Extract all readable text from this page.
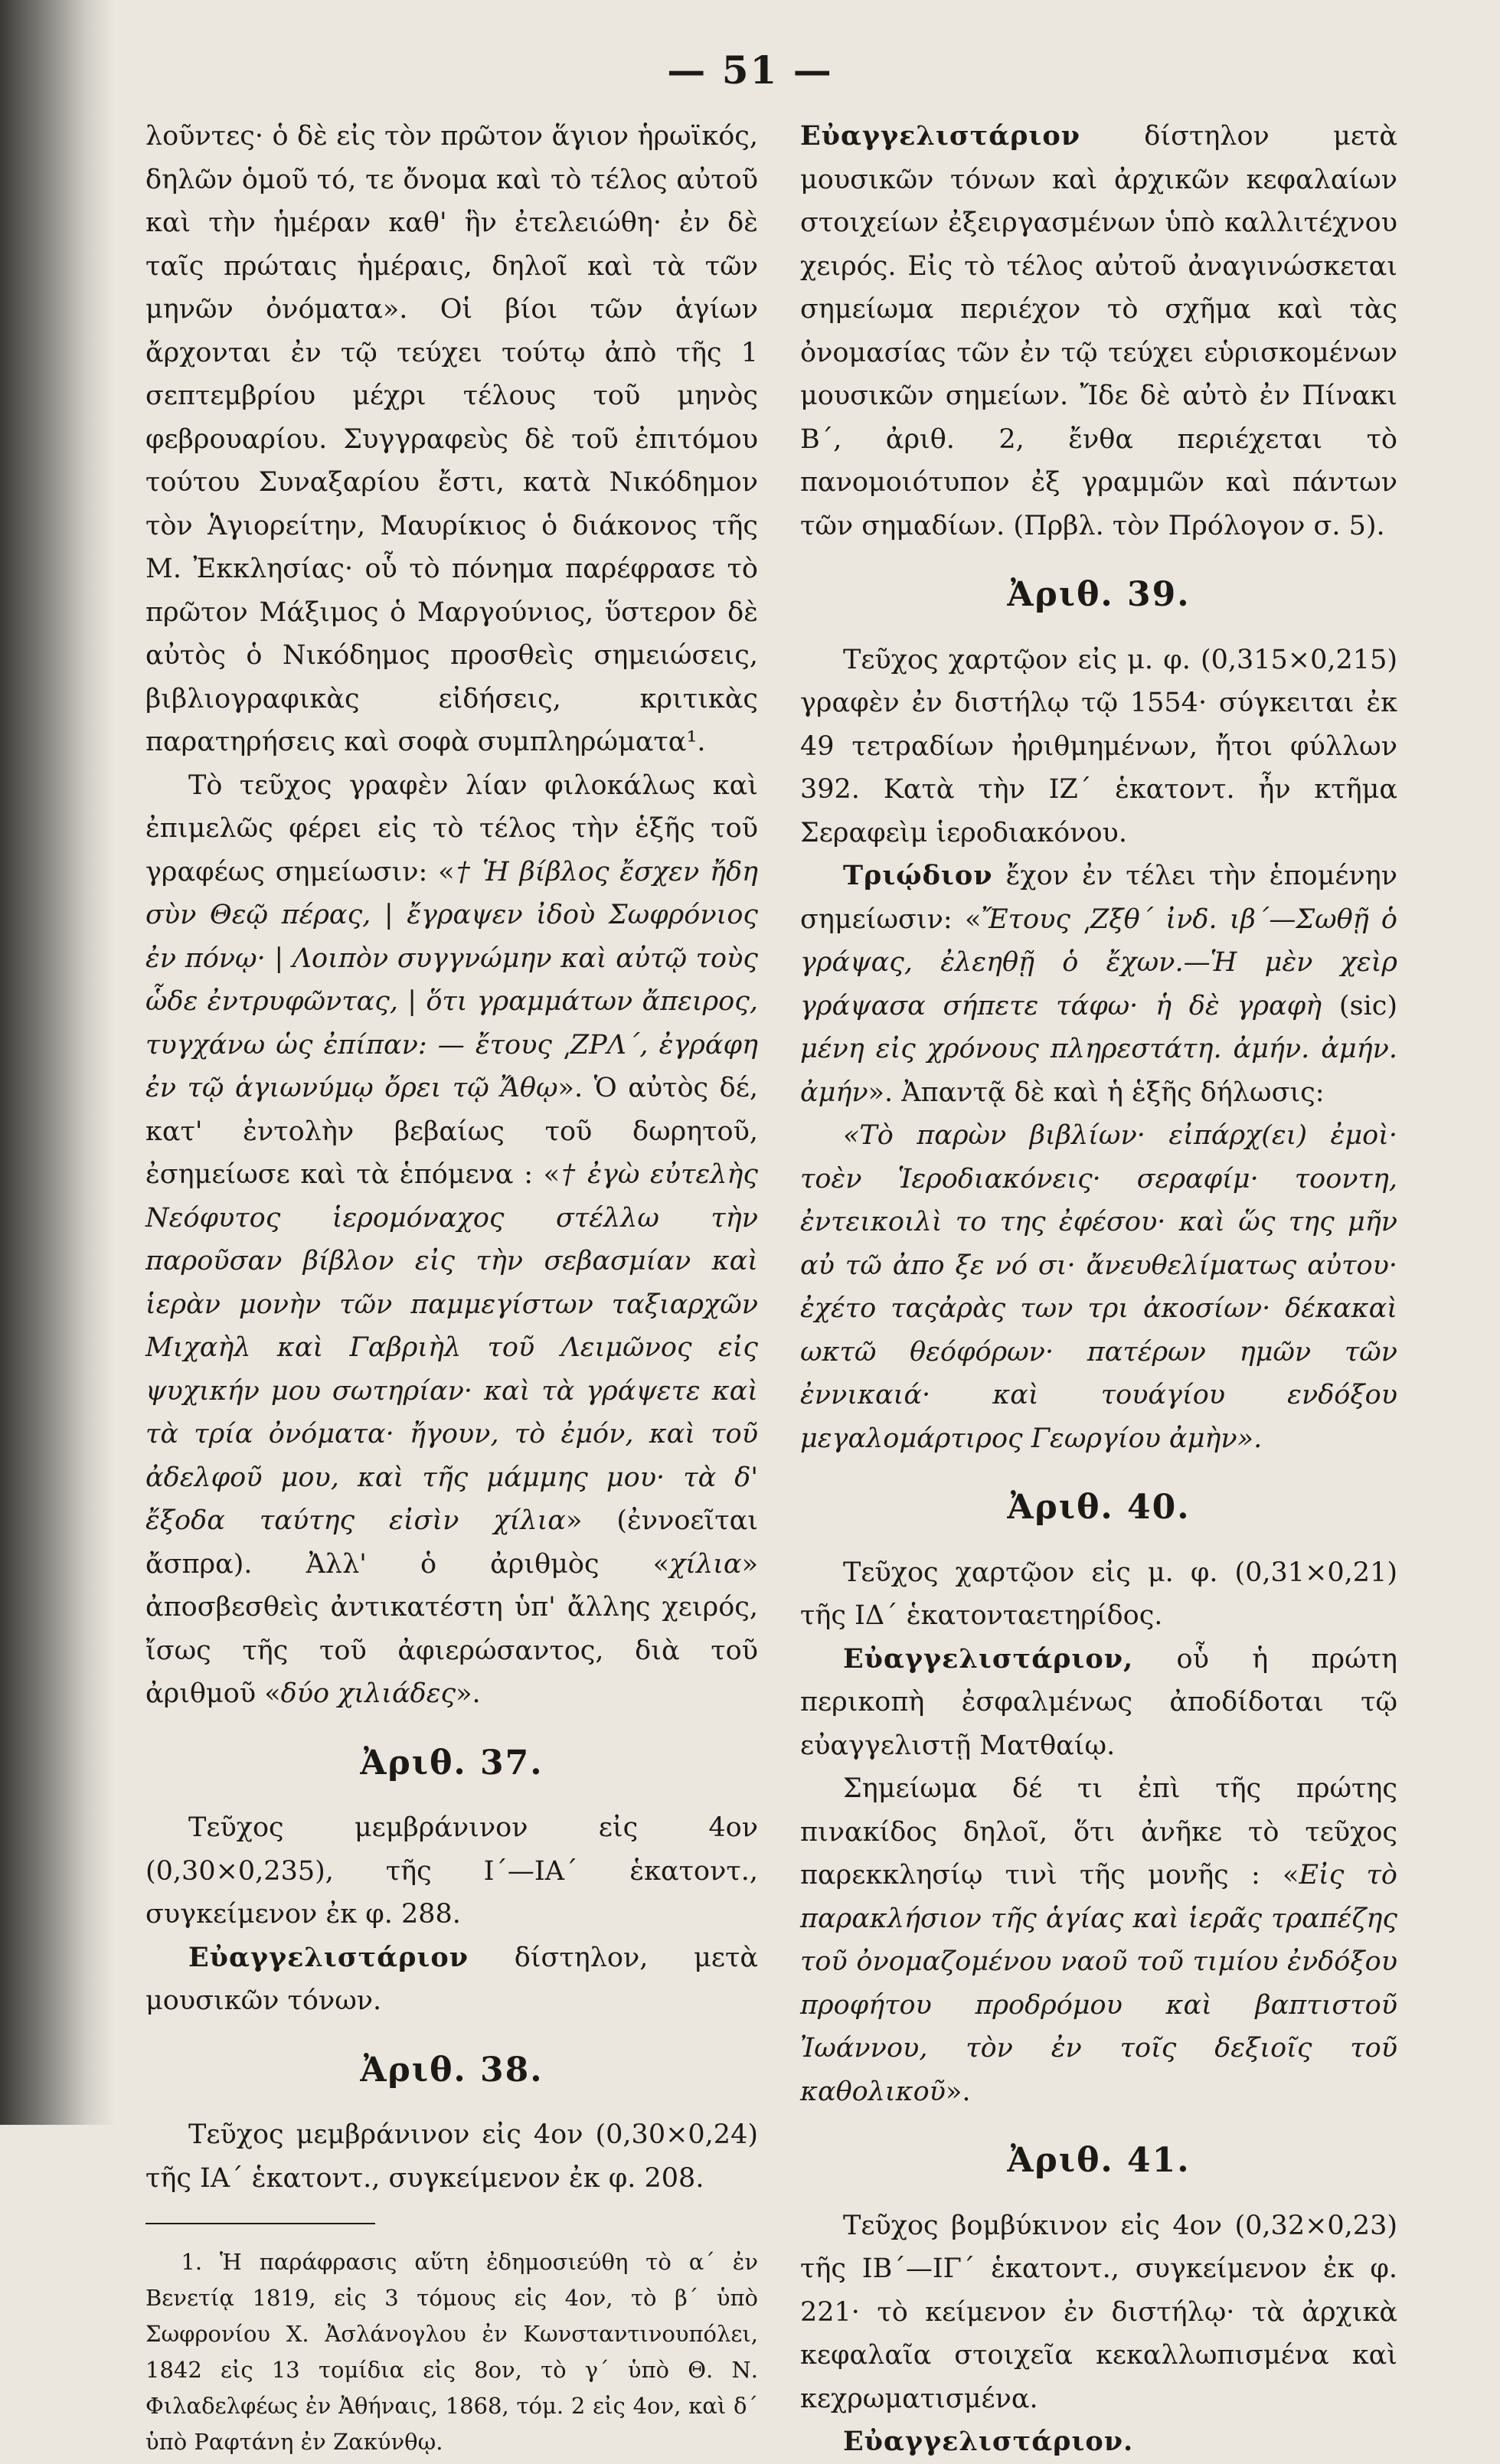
— 51 —

λοῦντες· ὁ δὲ εἰς τὸν πρῶτον ἅγιον ἡρωϊκός, δηλῶν ὁμοῦ τό, τε ὄνομα καὶ τὸ τέλος αὐτοῦ καὶ τὴν ἡμέραν καθ' ἣν ἐτελειώθη· ἐν δὲ ταῖς πρώταις ἡμέραις, δηλοῖ καὶ τὰ τῶν μηνῶν ὀνόματα». Οἱ βίοι τῶν ἁγίων ἄρχονται ἐν τῷ τεύχει τούτῳ ἀπὸ τῆς 1 σεπτεμβρίου μέχρι τέλους τοῦ μηνὸς φεβρουαρίου. Συγγραφεὺς δὲ τοῦ ἐπιτόμου τούτου Συναξαρίου ἔστι, κατὰ Νικόδημον τὸν Ἁγιορείτην, Μαυρίκιος ὁ διάκονος τῆς Μ. Ἐκκλησίας· οὗ τὸ πόνημα παρέφρασε τὸ πρῶτον Μάξιμος ὁ Μαργούνιος, ὕστερον δὲ αὐτὸς ὁ Νικόδημος προσθεὶς σημειώσεις, βιβλιογραφικὰς εἰδήσεις, κριτικὰς παρατηρήσεις καὶ σοφὰ συμπληρώματα¹.

Τὸ τεῦχος γραφὲν λίαν φιλοκάλως καὶ ἐπιμελῶς φέρει εἰς τὸ τέλος τὴν ἑξῆς τοῦ γραφέως σημείωσιν: «† Ἡ βίβλος ἔσχεν ἤδη σὺν Θεῷ πέρας, | ἔγραψεν ἰδοὺ Σωφρόνιος ἐν πόνῳ· | Λοιπὸν συγγνώμην καὶ αὐτῷ τοὺς ὧδε ἐντρυφῶντας, | ὅτι γραμμάτων ἄπειρος, τυγχάνω ὡς ἐπίπαν: — ἔτους ͵ΖΡΛ΄, ἐγράφη ἐν τῷ ἁγιωνύμῳ ὄρει τῷ Ἄθῳ». Ὁ αὐτὸς δέ, κατ' ἐντολὴν βεβαίως τοῦ δωρητοῦ, ἐσημείωσε καὶ τὰ ἑπόμενα : «† ἐγὼ εὐτελὴς Νεόφυτος ἱερομόναχος στέλλω τὴν παροῦσαν βίβλον εἰς τὴν σεβασμίαν καὶ ἱερὰν μονὴν τῶν παμμεγίστων ταξιαρχῶν Μιχαὴλ καὶ Γαβριὴλ τοῦ Λειμῶνος εἰς ψυχικήν μου σωτηρίαν· καὶ τὰ γράψετε καὶ τὰ τρία ὀνόματα· ἤγουν, τὸ ἐμόν, καὶ τοῦ ἀδελφοῦ μου, καὶ τῆς μάμμης μου· τὰ δ' ἔξοδα ταύτης εἰσὶν χίλια» (ἐννοεῖται ἄσπρα). Ἀλλ' ὁ ἀριθμὸς «χίλια» ἀποσβεσθεὶς ἀντικατέστη ὑπ' ἄλλης χειρός, ἴσως τῆς τοῦ ἀφιερώσαντος, διὰ τοῦ ἀριθμοῦ «δύο χιλιάδες».

Ἀριθ. 37.

Τεῦχος μεμβράνινον εἰς 4ον (0,30×0,235), τῆς Ι΄—ΙΑ΄ ἑκατοντ., συγκείμενον ἐκ φ. 288.

Εὐαγγελιστάριον δίστηλον, μετὰ μουσικῶν τόνων.

Ἀριθ. 38.

Τεῦχος μεμβράνινον εἰς 4ον (0,30×0,24) τῆς ΙΑ΄ ἑκατοντ., συγκείμενον ἐκ φ. 208.

1. Ἡ παράφρασις αὕτη ἐδημοσιεύθη τὸ α΄ ἐν Βενετίᾳ 1819, εἰς 3 τόμους εἰς 4ον, τὸ β΄ ὑπὸ Σωφρονίου Χ. Ἀσλάνογλου ἐν Κωνσταντινουπόλει, 1842 εἰς 13 τομίδια εἰς 8ον, τὸ γ΄ ὑπὸ Θ. Ν. Φιλαδελφέως ἐν Ἀθήναις, 1868, τόμ. 2 εἰς 4ον, καὶ δ΄ ὑπὸ Ραφτάνη ἐν Ζακύνθῳ.

Εὐαγγελιστάριον δίστηλον μετὰ μουσικῶν τόνων καὶ ἀρχικῶν κεφαλαίων στοιχείων ἐξειργασμένων ὑπὸ καλλιτέχνου χειρός. Εἰς τὸ τέλος αὐτοῦ ἀναγινώσκεται σημείωμα περιέχον τὸ σχῆμα καὶ τὰς ὀνομασίας τῶν ἐν τῷ τεύχει εὑρισκομένων μουσικῶν σημείων. Ἴδε δὲ αὐτὸ ἐν Πίνακι Β΄, ἀριθ. 2, ἔνθα περιέχεται τὸ πανομοιότυπον ἐξ γραμμῶν καὶ πάντων τῶν σημαδίων. (Πρβλ. τὸν Πρόλογον σ. 5).

Ἀριθ. 39.

Τεῦχος χαρτῷον εἰς μ. φ. (0,315×0,215) γραφὲν ἐν διστήλῳ τῷ 1554· σύγκειται ἐκ 49 τετραδίων ἠριθμημένων, ἤτοι φύλλων 392. Κατὰ τὴν ΙΖ΄ ἑκατοντ. ἦν κτῆμα Σεραφεὶμ ἱεροδιακόνου.

Τριῴδιον ἔχον ἐν τέλει τὴν ἑπομένην σημείωσιν: «Ἔτους ͵Ζξθ΄ ἰνδ. ιβ΄—Σωθῇ ὁ γράψας, ἐλεηθῇ ὁ ἔχων.—Ἡ μὲν χεὶρ γράψασα σήπετε τάφω· ἡ δὲ γραφὴ (sic) μένη εἰς χρόνους πληρεστάτη. ἀμήν. ἀμήν. ἀμήν». Ἀπαντᾷ δὲ καὶ ἡ ἑξῆς δήλωσις:

«Τὸ παρὼν βιβλίων· εἰπάρχ(ει) ἐμοὶ· τοὲν Ἱεροδιακόνεις· σεραφίμ· τοοντη, ἐντεικοιλὶ το της ἐφέσου· καὶ ὥς της μῆν αὐ τῶ ἀπο ξε νό σι· ἄνευθελίματως αὐτου· ἐχέτο ταςἀρὰς των τρι ἀκοσίων· δέκακαὶ ωκτῶ θεόφόρων· πατέρων ημῶν τῶν ἐννικαιά· καὶ τουάγίου ενδόξου μεγαλομάρτιρος Γεωργίου ἀμὴν».

Ἀριθ. 40.

Τεῦχος χαρτῷον εἰς μ. φ. (0,31×0,21) τῆς ΙΔ΄ ἑκατονταετηρίδος.

Εὐαγγελιστάριον, οὗ ἡ πρώτη περικοπὴ ἐσφαλμένως ἀποδίδοται τῷ εὐαγγελιστῇ Ματθαίῳ.

Σημείωμα δέ τι ἐπὶ τῆς πρώτης πινακίδος δηλοῖ, ὅτι ἀνῆκε τὸ τεῦχος παρεκκλησίῳ τινὶ τῆς μονῆς : «Εἰς τὸ παρακλήσιον τῆς ἁγίας καὶ ἱερᾶς τραπέζης τοῦ ὀνομαζομένου ναοῦ τοῦ τιμίου ἐνδόξου προφήτου προδρόμου καὶ βαπτιστοῦ Ἰωάννου, τὸν ἐν τοῖς δεξιοῖς τοῦ καθολικοῦ».

Ἀριθ. 41.

Τεῦχος βομβύκινον εἰς 4ον (0,32×0,23) τῆς ΙΒ΄—ΙΓ΄ ἑκατοντ., συγκείμενον ἐκ φ. 221· τὸ κείμενον ἐν διστήλῳ· τὰ ἀρχικὰ κεφαλαῖα στοιχεῖα κεκαλλωπισμένα καὶ κεχρωματισμένα.

Εὐαγγελιστάριον.
